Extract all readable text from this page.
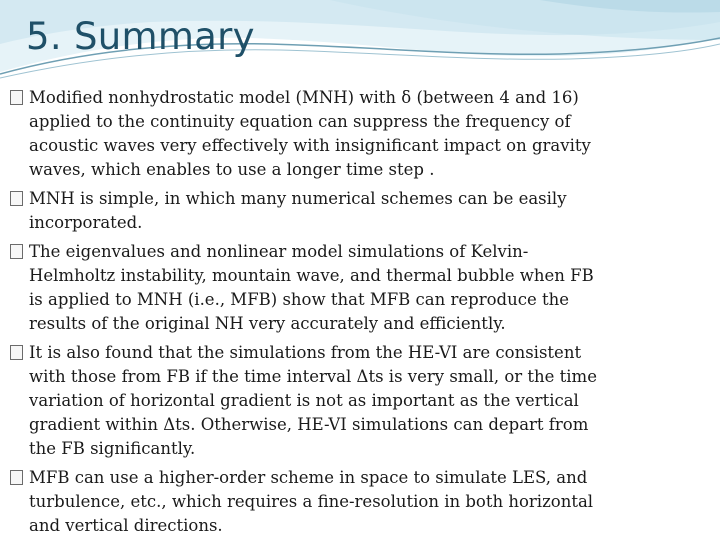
5. Summary
Modified nonhydrostatic model (MNH) with δ (between 4 and 16)
applied to the continuity equation can suppress the frequency of
acoustic waves very effectively with insignificant impact on gravity
waves, which enables to use a longer time step .
MNH is simple, in which many numerical schemes can be easily
incorporated.
The eigenvalues and nonlinear model simulations of Kelvin-
Helmholtz instability, mountain wave, and thermal bubble when FB
is applied to MNH (i.e., MFB) show that MFB can reproduce the
results of the original NH very accurately and efficiently.
It is also found that the simulations from the HE-VI are consistent
with those from FB if the time interval Δts is very small, or the time
variation of horizontal gradient is not as important as the vertical
gradient within Δts. Otherwise, HE-VI simulations can depart from
the FB significantly.
MFB can use a higher-order scheme in space to simulate LES, and
turbulence, etc., which requires a fine-resolution in both horizontal
and vertical directions.
